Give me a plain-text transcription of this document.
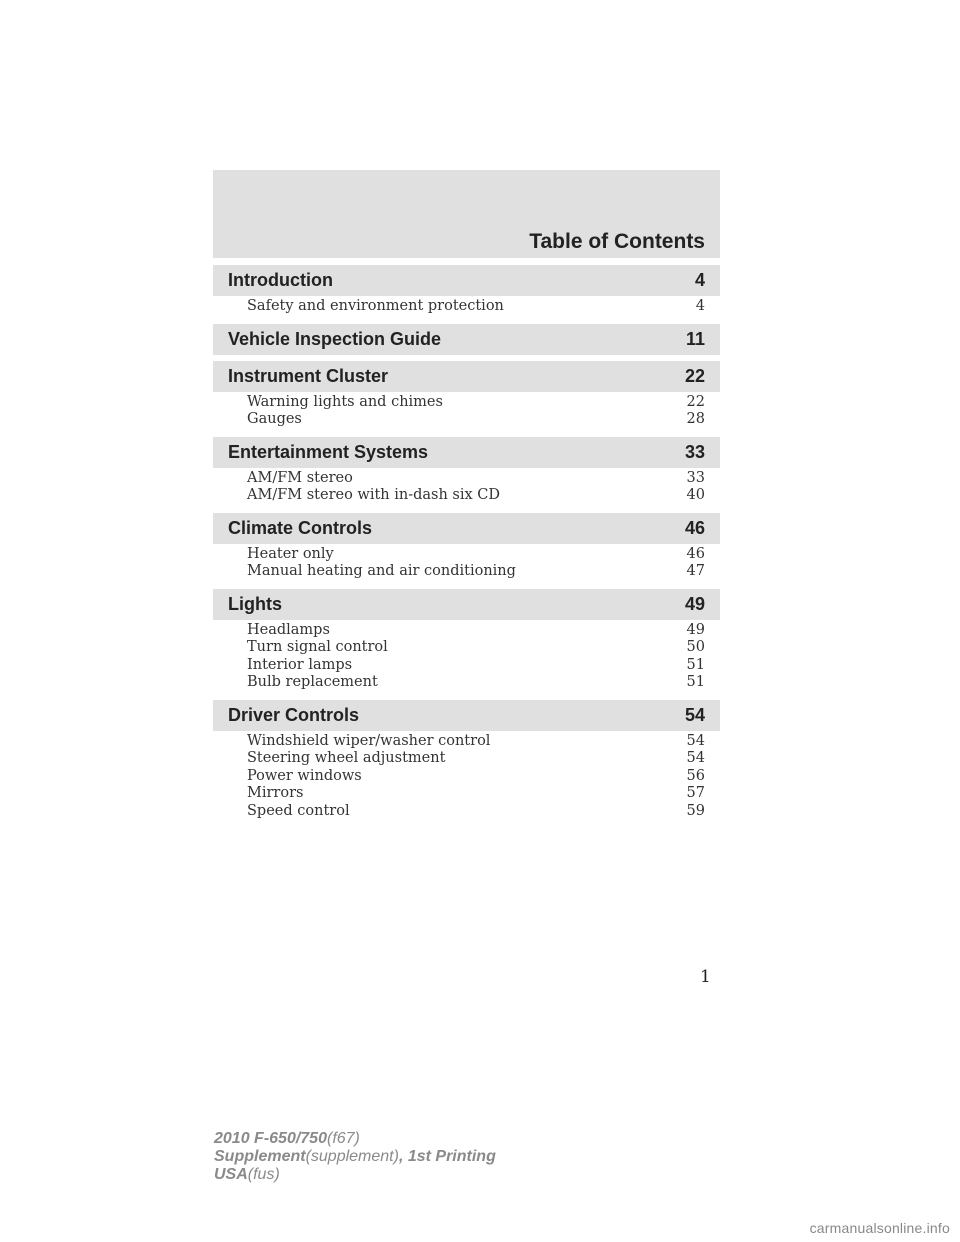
Table of Contents
Introduction	4
Safety and environment protection	4
Vehicle Inspection Guide	11
Instrument Cluster	22
Warning lights and chimes	22
Gauges	28
Entertainment Systems	33
AM/FM stereo	33
AM/FM stereo with in-dash six CD	40
Climate Controls	46
Heater only	46
Manual heating and air conditioning	47
Lights	49
Headlamps	49
Turn signal control	50
Interior lamps	51
Bulb replacement	51
Driver Controls	54
Windshield wiper/washer control	54
Steering wheel adjustment	54
Power windows	56
Mirrors	57
Speed control	59
1
2010 F-650/750(f67)
Supplement(supplement), 1st Printing
USA(fus)
carmanualsonline.info
